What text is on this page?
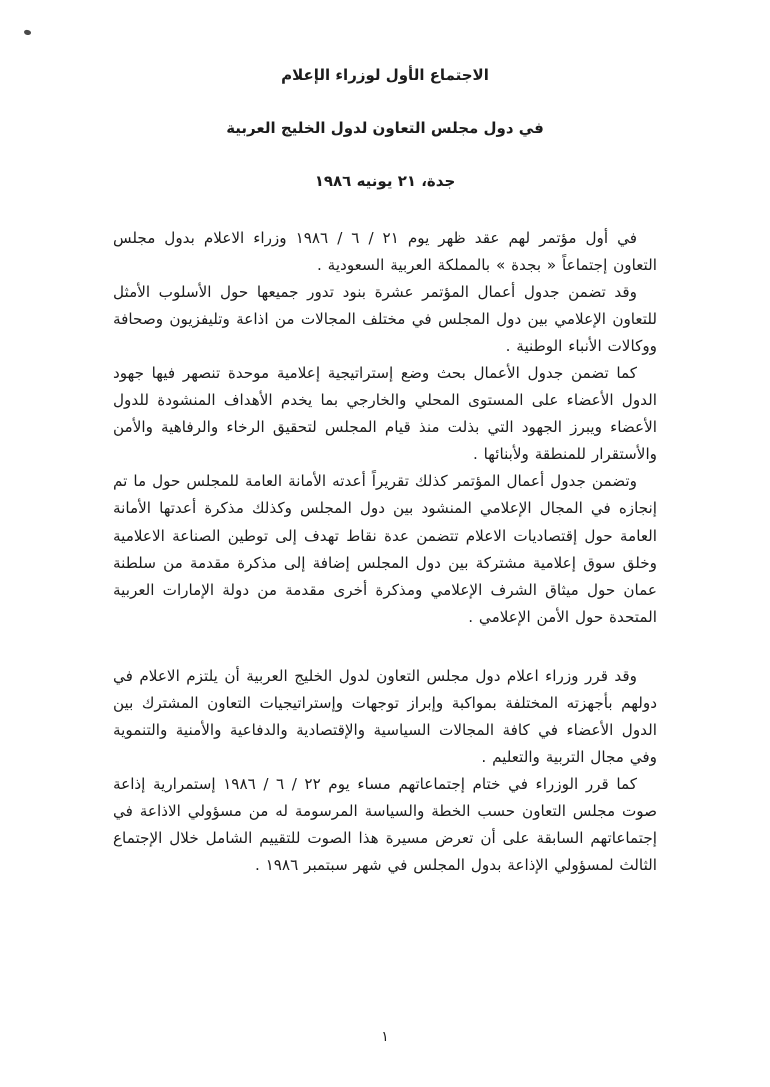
الاجتماع الأول لوزراء الإعلام
في دول مجلس التعاون لدول الخليج العربية
جدة، ٢١ يونيه ١٩٨٦

في أول مؤتمر لهم عقد ظهر يوم ٢١ / ٦ / ١٩٨٦ وزراء الاعلام بدول مجلس التعاون إجتماعاً « بجدة » بالمملكة العربية السعودية .

وقد تضمن جدول أعمال المؤتمر عشرة بنود تدور جميعها حول الأسلوب الأمثل للتعاون الإعلامي بين دول المجلس في مختلف المجالات من اذاعة وتليفزيون وصحافة ووكالات الأنباء الوطنية .

كما تضمن جدول الأعمال بحث وضع إستراتيجية إعلامية موحدة تنصهر فيها جهود الدول الأعضاء على المستوى المحلي والخارجي بما يخدم الأهداف المنشودة للدول الأعضاء ويبرز الجهود التي بذلت منذ قيام المجلس لتحقيق الرخاء والرفاهية والأمن والأستقرار للمنطقة ولأبنائها .

وتضمن جدول أعمال المؤتمر كذلك تقريراً أعدته الأمانة العامة للمجلس حول ما تم إنجازه في المجال الإعلامي المنشود بين دول المجلس وكذلك مذكرة أعدتها الأمانة العامة حول إقتصاديات الاعلام تتضمن عدة نقاط تهدف إلى توطين الصناعة الاعلامية وخلق سوق إعلامية مشتركة بين دول المجلس إضافة إلى مذكرة مقدمة من سلطنة عمان حول ميثاق الشرف الإعلامي ومذكرة أخرى مقدمة من دولة الإمارات العربية المتحدة حول الأمن الإعلامي .

وقد قرر وزراء اعلام دول مجلس التعاون لدول الخليج العربية أن يلتزم الاعلام في دولهم بأجهزته المختلفة بمواكبة وإبراز توجهات وإستراتيجيات التعاون المشترك بين الدول الأعضاء في كافة المجالات السياسية والإقتصادية والدفاعية والأمنية والتنموية وفي مجال التربية والتعليم .

كما قرر الوزراء في ختام إجتماعاتهم مساء يوم ٢٢ / ٦ / ١٩٨٦ إستمرارية إذاعة صوت مجلس التعاون حسب الخطة والسياسة المرسومة له من مسؤولي الاذاعة في إجتماعاتهم السابقة على أن تعرض مسيرة هذا الصوت للتقييم الشامل خلال الإجتماع الثالث لمسؤولي الإذاعة بدول المجلس في شهر سبتمبر ١٩٨٦ .

١
